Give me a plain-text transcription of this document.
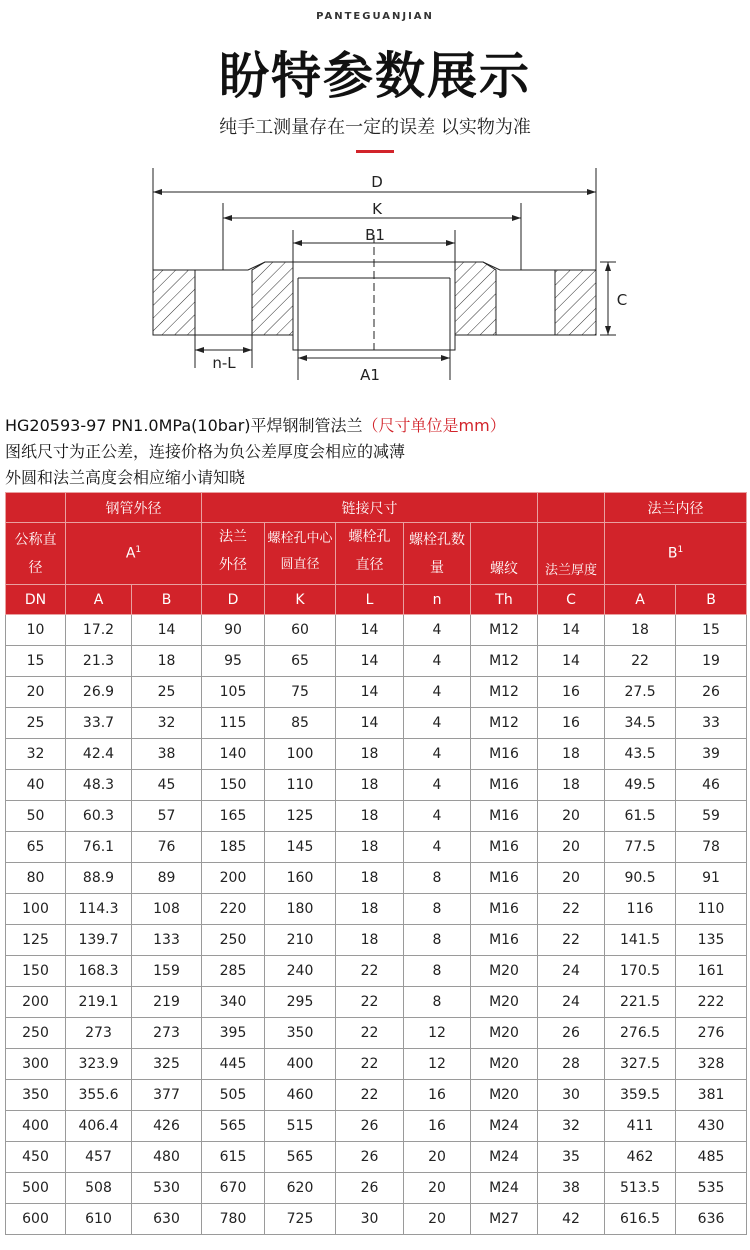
PANTEGUANJIAN
盼特参数展示
纯手工测量存在一定的误差 以实物为准
D
K
B1
C
n-L
A1
HG20593-97 PN1.0MPa(10bar)平焊钢制管法兰（尺寸单位是mm）
图纸尺寸为正公差，连接价格为负公差厚度会相应的减薄
外圆和法兰高度会相应缩小请知晓
	钢管外径		链接尺寸						法兰内径	
公称直径	$A^1$		法兰外径	螺栓孔中心圆直径	螺栓孔直径	螺栓孔数量	螺纹	法兰厚度	$B^1$
DN	A	B	D	K	L	n	Th	C	A	B
10	17.2	14	90	60	14	4	M12	14	18	15
15	21.3	18	95	65	14	4	M12	14	22	19
20	26.9	25	105	75	14	4	M12	16	27.5	26
25	33.7	32	115	85	14	4	M12	16	34.5	33
32	42.4	38	140	100	18	4	M16	18	43.5	39
40	48.3	45	150	110	18	4	M16	18	49.5	46
50	60.3	57	165	125	18	4	M16	20	61.5	59
65	76.1	76	185	145	18	4	M16	20	77.5	78
80	88.9	89	200	160	18	8	M16	20	90.5	91
100	114.3	108	220	180	18	8	M16	22	116	110
125	139.7	133	250	210	18	8	M16	22	141.5	135
150	168.3	159	285	240	22	8	M20	24	170.5	161
200	219.1	219	340	295	22	8	M20	24	221.5	222
250	273	273	395	350	22	12	M20	26	276.5	276
300	323.9	325	445	400	22	12	M20	28	327.5	328
350	355.6	377	505	460	22	16	M20	30	359.5	381
400	406.4	426	565	515	26	16	M24	32	411	430
450	457	480	615	565	26	20	M24	35	462	485
500	508	530	670	620	26	20	M24	38	513.5	535
600	610	630	780	725	30	20	M27	42	616.5	636
